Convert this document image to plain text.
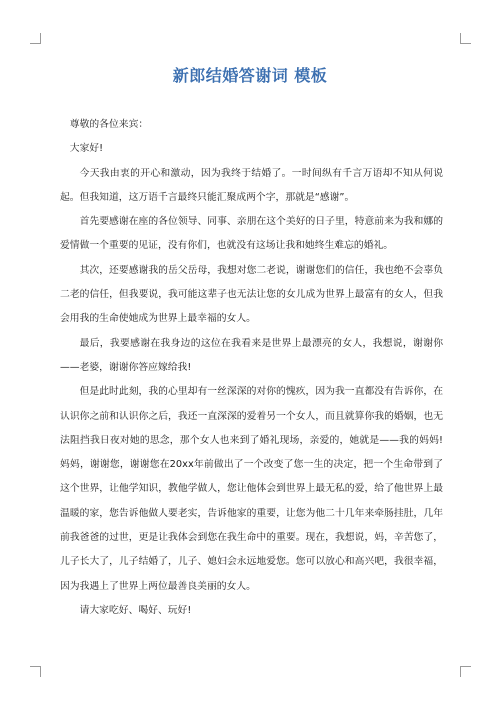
新郎结婚答谢词 模板

尊敬的各位来宾：

大家好!

今天我由衷的开心和激动，因为我终于结婚了。一时间纵有千言万语却不知从何说起。但我知道，这万语千言最终只能汇聚成两个字，那就是“感谢”。

首先要感谢在座的各位领导、同事、亲朋在这个美好的日子里，特意前来为我和娜的爱情做一个重要的见证，没有你们，也就没有这场让我和她终生难忘的婚礼。

其次，还要感谢我的岳父岳母，我想对您二老说，谢谢您们的信任，我也绝不会辜负二老的信任，但我要说，我可能这辈子也无法让您的女儿成为世界上最富有的女人，但我会用我的生命使她成为世界上最幸福的女人。

最后，我要感谢在我身边的这位在我看来是世界上最漂亮的女人，我想说，谢谢你——老婆，谢谢你答应嫁给我!

但是此时此刻，我的心里却有一丝深深的对你的愧疚，因为我一直都没有告诉你，在认识你之前和认识你之后，我还一直深深的爱着另一个女人，而且就算你我的婚姻，也无法阻挡我日夜对她的思念，那个女人也来到了婚礼现场，亲爱的，她就是——我的妈妈!妈妈，谢谢您，谢谢您在20xx年前做出了一个改变了您一生的决定，把一个生命带到了这个世界，让他学知识，教他学做人，您让他体会到世界上最无私的爱，给了他世界上最温暖的家，您告诉他做人要老实，告诉他家的重要，让您为他二十几年来牵肠挂肚，几年前我爸爸的过世，更是让我体会到您在我生命中的重要。现在，我想说，妈，辛苦您了，儿子长大了，儿子结婚了，儿子、媳妇会永远地爱您。您可以放心和高兴吧，我很幸福，因为我遇上了世界上两位最善良美丽的女人。

请大家吃好、喝好、玩好!
